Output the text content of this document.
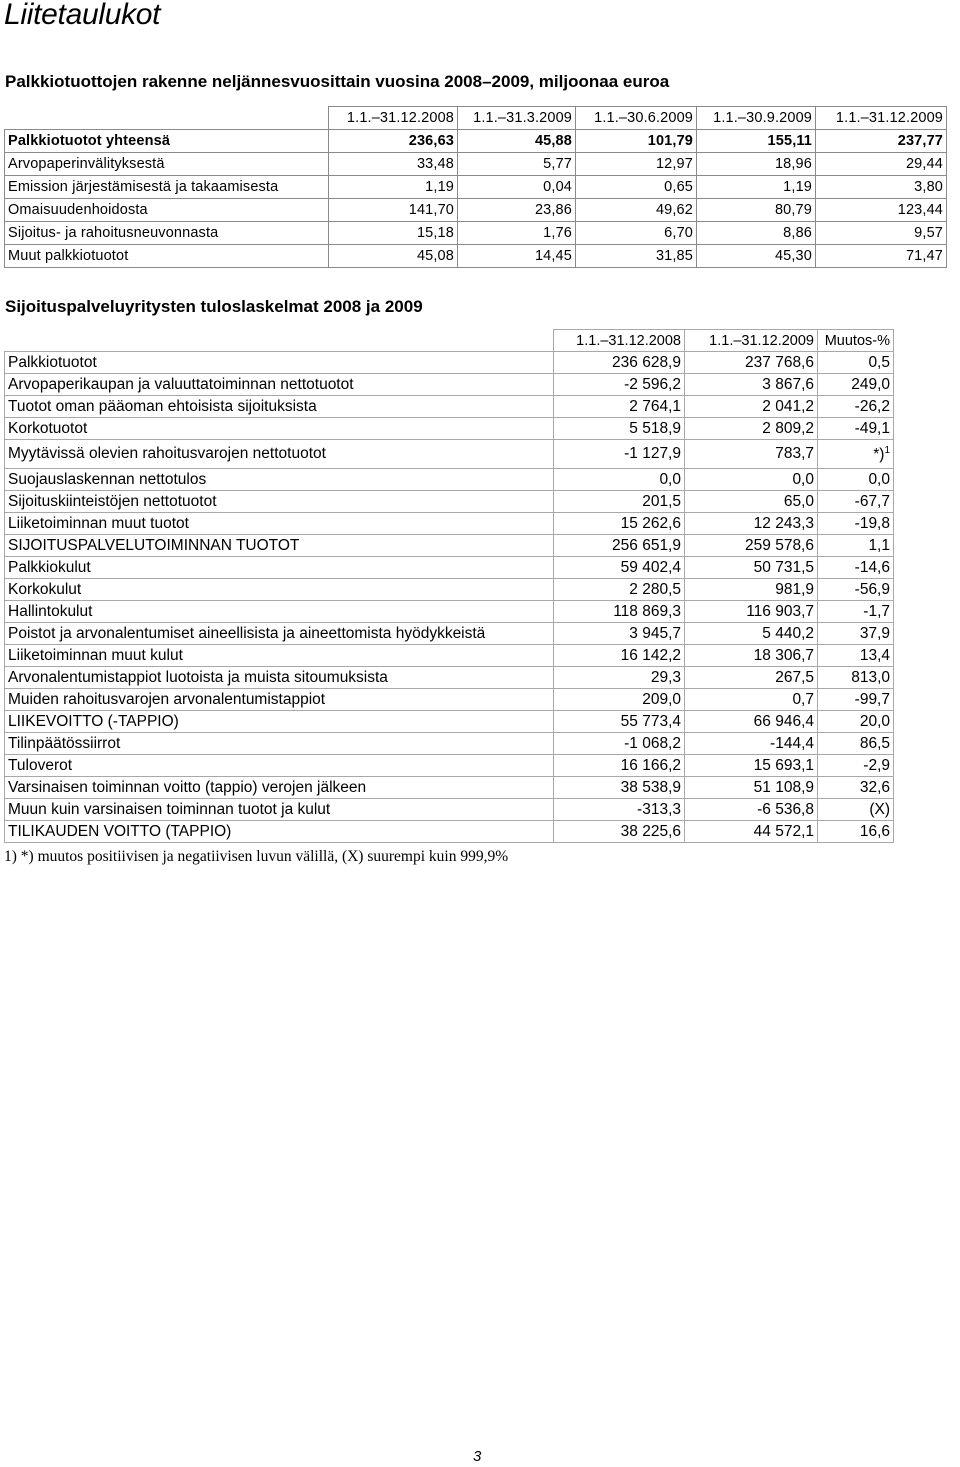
Liitetaulukot
Palkkiotuottojen rakenne neljännesvuosittain vuosina 2008–2009, miljoonaa euroa
	1.1.–31.12.2008	1.1.–31.3.2009	1.1.–30.6.2009	1.1.–30.9.2009	1.1.–31.12.2009
Palkkiotuotot yhteensä	236,63	45,88	101,79	155,11	237,77
Arvopaperinvälityksestä	33,48	5,77	12,97	18,96	29,44
Emission järjestämisestä ja takaamisesta	1,19	0,04	0,65	1,19	3,80
Omaisuudenhoidosta	141,70	23,86	49,62	80,79	123,44
Sijoitus- ja rahoitusneuvonnasta	15,18	1,76	6,70	8,86	9,57
Muut palkkiotuotot	45,08	14,45	31,85	45,30	71,47
Sijoituspalveluyritysten tuloslaskelmat 2008 ja 2009
	1.1.–31.12.2008	1.1.–31.12.2009	Muutos-%
Palkkiotuotot	236 628,9	237 768,6	0,5
Arvopaperikaupan ja valuuttatoiminnan nettotuotot	-2 596,2	3 867,6	249,0
Tuotot oman pääoman ehtoisista sijoituksista	2 764,1	2 041,2	-26,2
Korkotuotot	5 518,9	2 809,2	-49,1
Myytävissä olevien rahoitusvarojen nettotuotot	-1 127,9	783,7	*)$^1$
Suojauslaskennan nettotulos	0,0	0,0	0,0
Sijoituskiinteistöjen nettotuotot	201,5	65,0	-67,7
Liiketoiminnan muut tuotot	15 262,6	12 243,3	-19,8
SIJOITUSPALVELUTOIMINNAN TUOTOT	256 651,9	259 578,6	1,1
Palkkiokulut	59 402,4	50 731,5	-14,6
Korkokulut	2 280,5	981,9	-56,9
Hallintokulut	118 869,3	116 903,7	-1,7
Poistot ja arvonalentumiset aineellisista ja aineettomista hyödykkeistä	3 945,7	5 440,2	37,9
Liiketoiminnan muut kulut	16 142,2	18 306,7	13,4
Arvonalentumistappiot luotoista ja muista sitoumuksista	29,3	267,5	813,0
Muiden rahoitusvarojen arvonalentumistappiot	209,0	0,7	-99,7
LIIKEVOITTO (-TAPPIO)	55 773,4	66 946,4	20,0
Tilinpäätössiirrot	-1 068,2	-144,4	86,5
Tuloverot	16 166,2	15 693,1	-2,9
Varsinaisen toiminnan voitto (tappio) verojen jälkeen	38 538,9	51 108,9	32,6
Muun kuin varsinaisen toiminnan tuotot ja kulut	-313,3	-6 536,8	(X)
TILIKAUDEN VOITTO (TAPPIO)	38 225,6	44 572,1	16,6

1) *) muutos positiivisen ja negatiivisen luvun välillä, (X) suurempi kuin 999,9%

3
